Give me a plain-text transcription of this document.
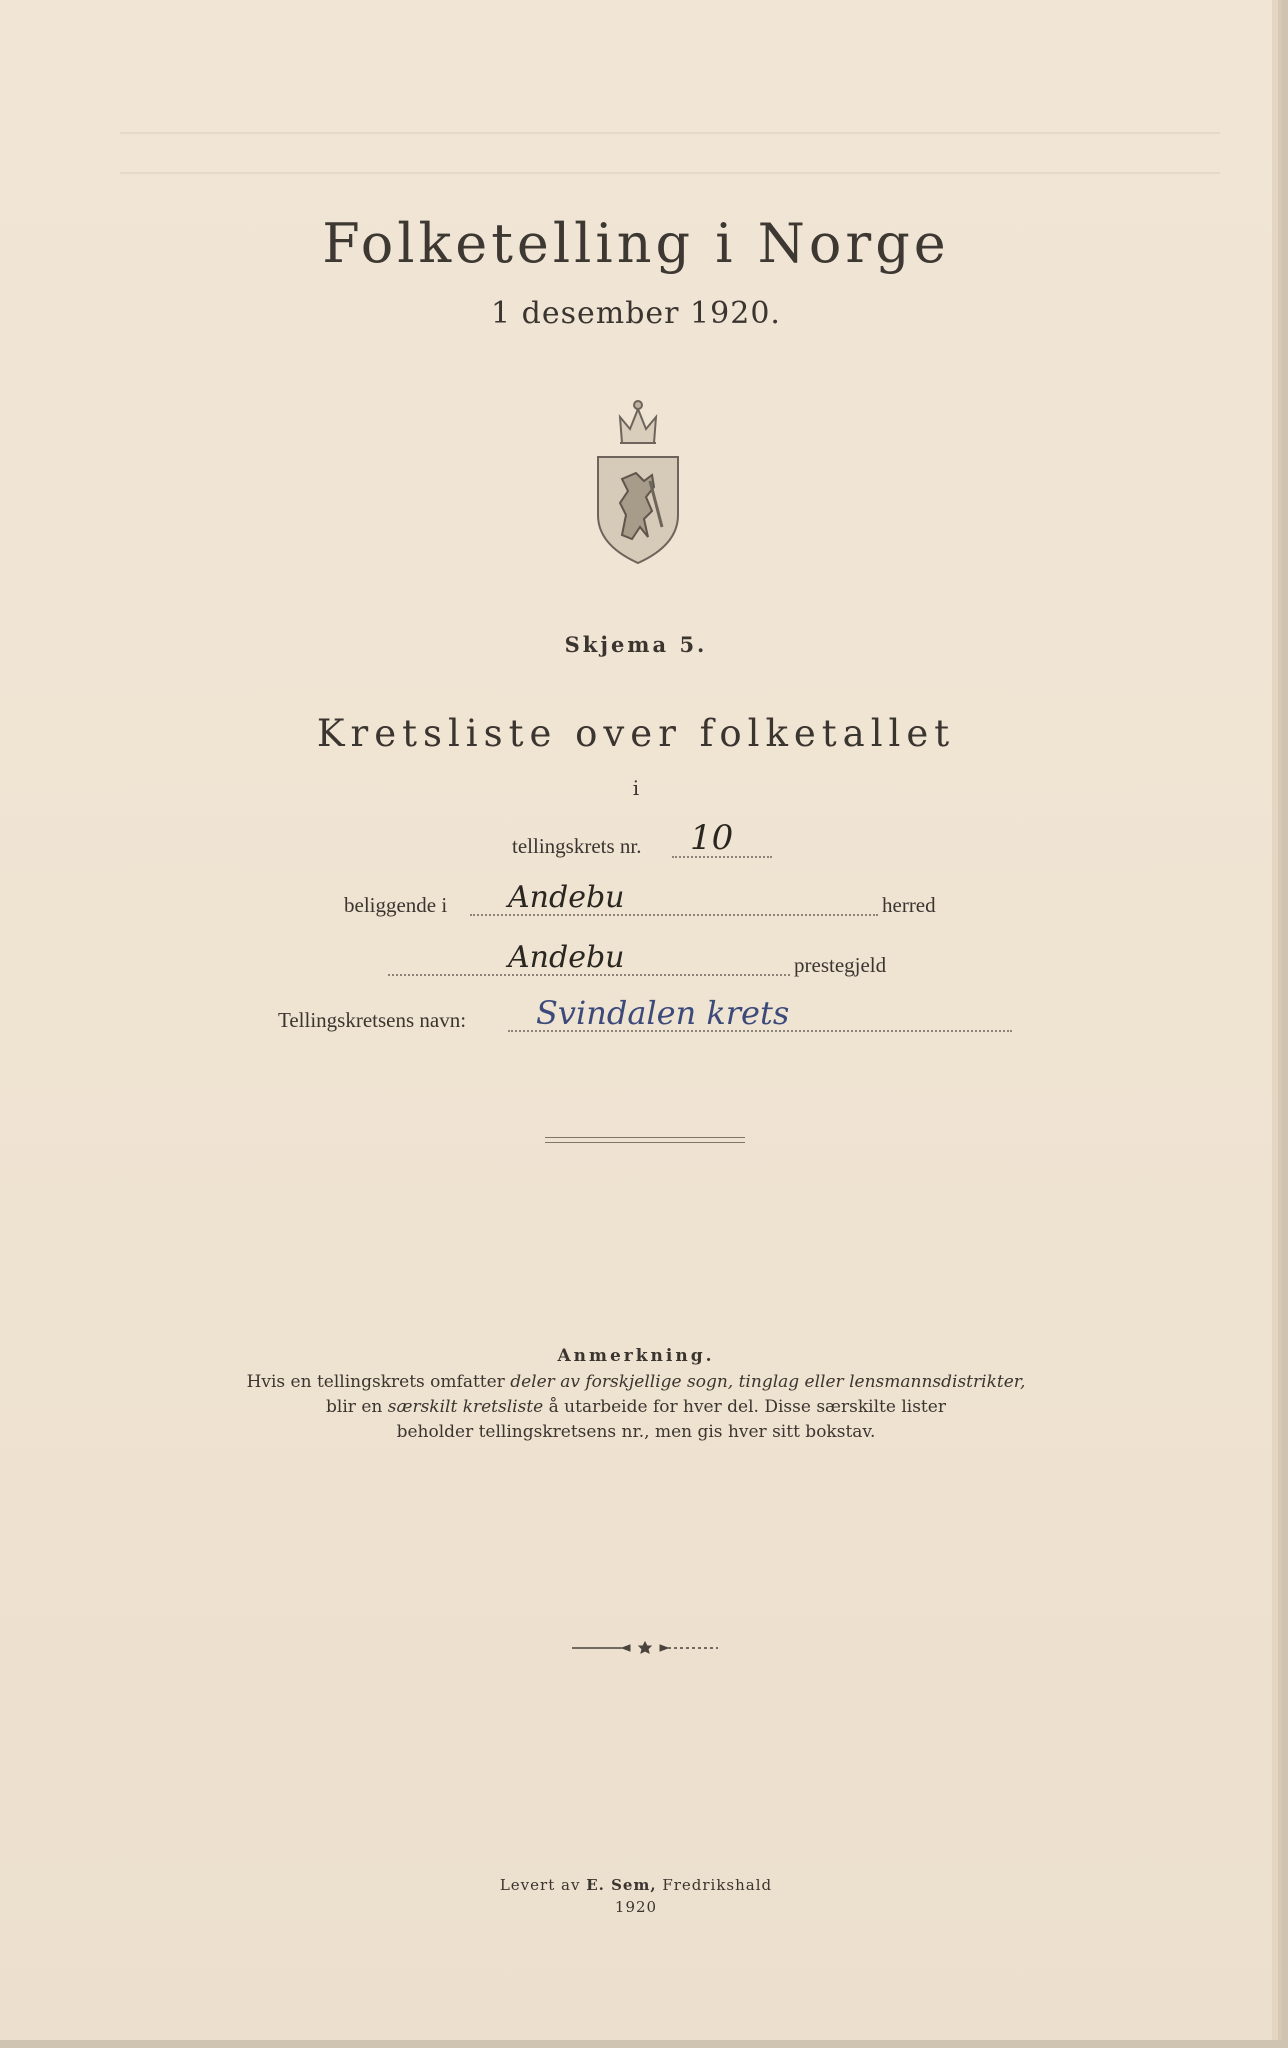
Folketelling i Norge
1 desember 1920.
Skjema 5.
Kretsliste over folketallet
i
tellingskrets nr. 10
beliggende i Andebu	herred
Andebu	prestegjeld
Tellingskretsens navn: Svindalen krets
Anmerkning.
Hvis en tellingskrets omfatter deler av forskjellige sogn, tinglag eller lensmannsdistrikter,
blir en særskilt kretsliste å utarbeide for hver del. Disse særskilte lister
beholder tellingskretsens nr., men gis hver sitt bokstav.
Levert av E. Sem, Fredrikshald
1920
